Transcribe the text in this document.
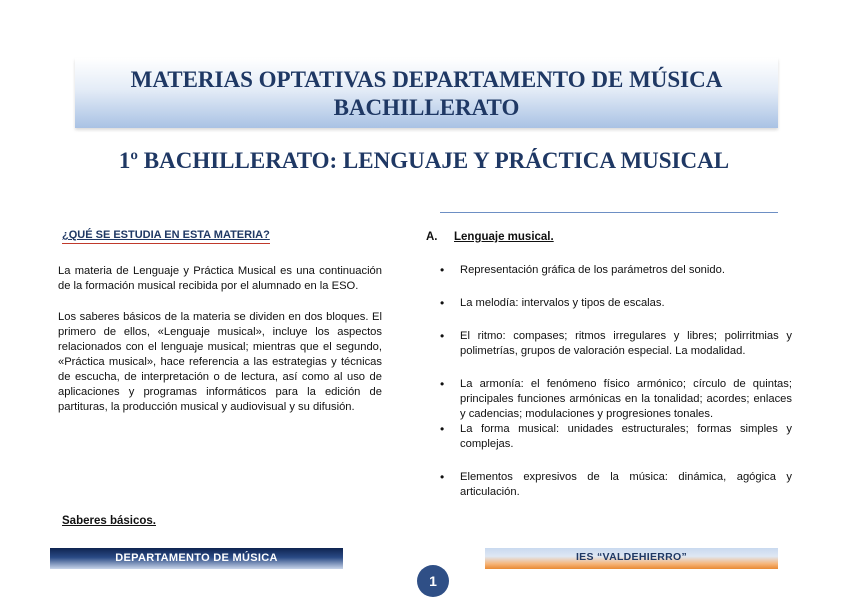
MATERIAS OPTATIVAS DEPARTAMENTO DE MÚSICA
BACHILLERATO
1º BACHILLERATO: LENGUAJE Y PRÁCTICA MUSICAL
¿QUÉ SE ESTUDIA EN ESTA MATERIA?

La materia de Lenguaje y Práctica Musical es una continuación de la formación musical recibida por el alumnado en la ESO.

Los saberes básicos de la materia se dividen en dos bloques. El primero de ellos, «Lenguaje musical», incluye los aspectos relacionados con el lenguaje musical; mientras que el segundo, «Práctica musical», hace referencia a las estrategias y técnicas de escucha, de interpretación o de lectura, así como al uso de aplicaciones y programas informáticos para la edición de partituras, la producción musical y audiovisual y su difusión.

Saberes básicos.
A. Lenguaje musical.
• Representación gráfica de los parámetros del sonido.
• La melodía: intervalos y tipos de escalas.
• El ritmo: compases; ritmos irregulares y libres; polirritmias y polimetrías, grupos de valoración especial. La modalidad.
• La armonía: el fenómeno físico armónico; círculo de quintas; principales funciones armónicas en la tonalidad; acordes; enlaces y cadencias; modulaciones y progresiones tonales.
• La forma musical: unidades estructurales; formas simples y complejas.
• Elementos expresivos de la música: dinámica, agógica y articulación.
DEPARTAMENTO DE MÚSICA	IES “VALDEHIERRO”
1
